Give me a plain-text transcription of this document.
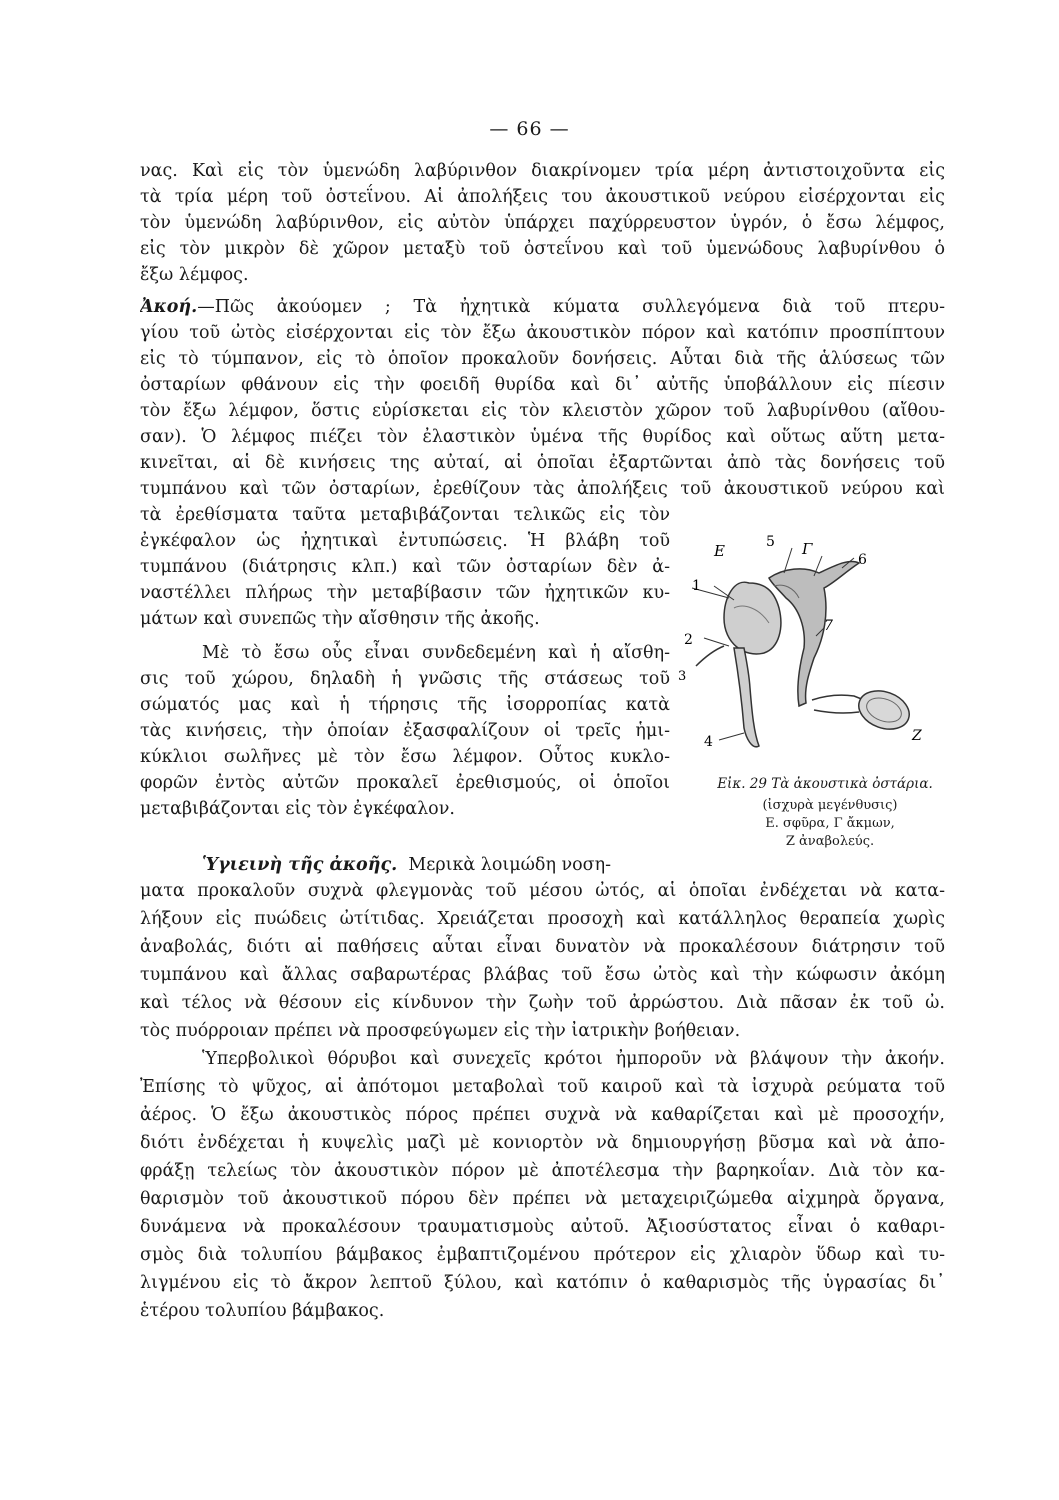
— 66 —
νας. Καὶ εἰς τὸν ὑμενώδη λαβύρινθον διακρίνομεν τρία μέρη ἀντιστοιχοῦντα εἰς
τὰ τρία μέρη τοῦ ὀστεΐνου. Αἱ ἀπολήξεις του ἀκουστικοῦ νεύρου εἰσέρχονται εἰς
τὸν ὑμενώδη λαβύρινθον, εἰς αὐτὸν ὑπάρχει παχύρρευστον ὑγρόν, ὁ ἔσω λέμφος,
εἰς τὸν μικρὸν δὲ χῶρον μεταξὺ τοῦ ὀστεΐνου καὶ τοῦ ὑμενώδους λαβυρίνθου ὁ
ἔξω λέμφος.
Ἀκοή.—Πῶς ἀκούομεν ; Τὰ ἠχητικὰ κύματα συλλεγόμενα διὰ τοῦ πτερυ-
γίου τοῦ ὠτὸς εἰσέρχονται εἰς τὸν ἔξω ἀκουστικὸν πόρον καὶ κατόπιν προσπίπτουν
εἰς τὸ τύμπανον, εἰς τὸ ὁποῖον προκαλοῦν δονήσεις. Αὗται διὰ τῆς ἁλύσεως τῶν
ὀσταρίων φθάνουν εἰς τὴν φοειδῆ θυρίδα καὶ δι᾽ αὐτῆς ὑποβάλλουν εἰς πίεσιν
τὸν ἔξω λέμφον, ὅστις εὑρίσκεται εἰς τὸν κλειστὸν χῶρον τοῦ λαβυρίνθου (αἴθου-
σαν). Ὁ λέμφος πιέζει τὸν ἐλαστικὸν ὑμένα τῆς θυρίδος καὶ οὕτως αὕτη μετα-
κινεῖται, αἱ δὲ κινήσεις της αὐταί, αἱ ὁποῖαι ἐξαρτῶνται ἀπὸ τὰς δονήσεις τοῦ
τυμπάνου καὶ τῶν ὀσταρίων, ἐρεθίζουν τὰς ἀπολήξεις τοῦ ἀκουστικοῦ νεύρου καὶ
τὰ ἐρεθίσματα ταῦτα μεταβιβάζονται τελικῶς εἰς τὸν
ἐγκέφαλον ὡς ἠχητικαὶ ἐντυπώσεις. Ἡ βλάβη τοῦ
τυμπάνου (διάτρησις κλπ.) καὶ τῶν ὀσταρίων δὲν ἀ-
ναστέλλει πλήρως τὴν μεταβίβασιν τῶν ἠχητικῶν κυ-
μάτων καὶ συνεπῶς τὴν αἴσθησιν τῆς ἀκοῆς.
Μὲ τὸ ἔσω οὖς εἶναι συνδεδεμένη καὶ ἡ αἴσθη-
σις τοῦ χώρου, δηλαδὴ ἡ γνῶσις τῆς στάσεως τοῦ
σώματός μας καὶ ἡ τήρησις τῆς ἰσορροπίας κατὰ
τὰς κινήσεις, τὴν ὁποίαν ἐξασφαλίζουν οἱ τρεῖς ἡμι-
κύκλιοι σωλῆνες μὲ τὸν ἔσω λέμφον. Οὗτος κυκλο-
φορῶν ἐντὸς αὐτῶν προκαλεῖ ἐρεθισμούς, οἱ ὁποῖοι
μεταβιβάζονται εἰς τὸν ἐγκέφαλον.
Ε	5 Γ
6
1
7
2
3
4	Ζ
Εἰκ. 29 Τὰ ἀκουστικὰ ὀστάρια.
(ἰσχυρὰ μεγένθυσις)
Ε. σφῦρα, Γ ἄκμων,
Ζ ἀναβολεύς.
Ὑγιεινὴ τῆς ἀκοῆς. Μερικὰ λοιμώδη νοση-
ματα προκαλοῦν συχνὰ φλεγμονὰς τοῦ μέσου ὠτός, αἱ ὁποῖαι ἐνδέχεται νὰ κατα-
λήξουν εἰς πυώδεις ὠτίτιδας. Χρειάζεται προσοχὴ καὶ κατάλληλος θεραπεία χωρὶς
ἀναβολάς, διότι αἱ παθήσεις αὗται εἶναι δυνατὸν νὰ προκαλέσουν διάτρησιν τοῦ
τυμπάνου καὶ ἄλλας σαβαρωτέρας βλάβας τοῦ ἔσω ὠτὸς καὶ τὴν κώφωσιν ἀκόμη
καὶ τέλος νὰ θέσουν εἰς κίνδυνον τὴν ζωὴν τοῦ ἀρρώστου. Διὰ πᾶσαν ἐκ τοῦ ὠ.
τὸς πυόρροιαν πρέπει νὰ προσφεύγωμεν εἰς τὴν ἰατρικὴν βοήθειαν.
Ὑπερβολικοὶ θόρυβοι καὶ συνεχεῖς κρότοι ἠμποροῦν νὰ βλάψουν τὴν ἀκοήν.
Ἐπίσης τὸ ψῦχος, αἱ ἀπότομοι μεταβολαὶ τοῦ καιροῦ καὶ τὰ ἰσχυρὰ ρεύματα τοῦ
ἀέρος. Ὁ ἔξω ἀκουστικὸς πόρος πρέπει συχνὰ νὰ καθαρίζεται καὶ μὲ προσοχήν,
διότι ἐνδέχεται ἡ κυψελὶς μαζὶ μὲ κονιορτὸν νὰ δημιουργήσῃ βῦσμα καὶ νὰ ἀπο-
φράξῃ τελείως τὸν ἀκουστικὸν πόρον μὲ ἀποτέλεσμα τὴν βαρηκοΐαν. Διὰ τὸν κα-
θαρισμὸν τοῦ ἀκουστικοῦ πόρου δὲν πρέπει νὰ μεταχειριζώμεθα αἰχμηρὰ ὄργανα,
δυνάμενα νὰ προκαλέσουν τραυματισμοὺς αὐτοῦ. Ἀξιοσύστατος εἶναι ὁ καθαρι-
σμὸς διὰ τολυπίου βάμβακος ἐμβαπτιζομένου πρότερον εἰς χλιαρὸν ὕδωρ καὶ τυ-
λιγμένου εἰς τὸ ἄκρον λεπτοῦ ξύλου, καὶ κατόπιν ὁ καθαρισμὸς τῆς ὑγρασίας δι᾽
ἑτέρου τολυπίου βάμβακος.
